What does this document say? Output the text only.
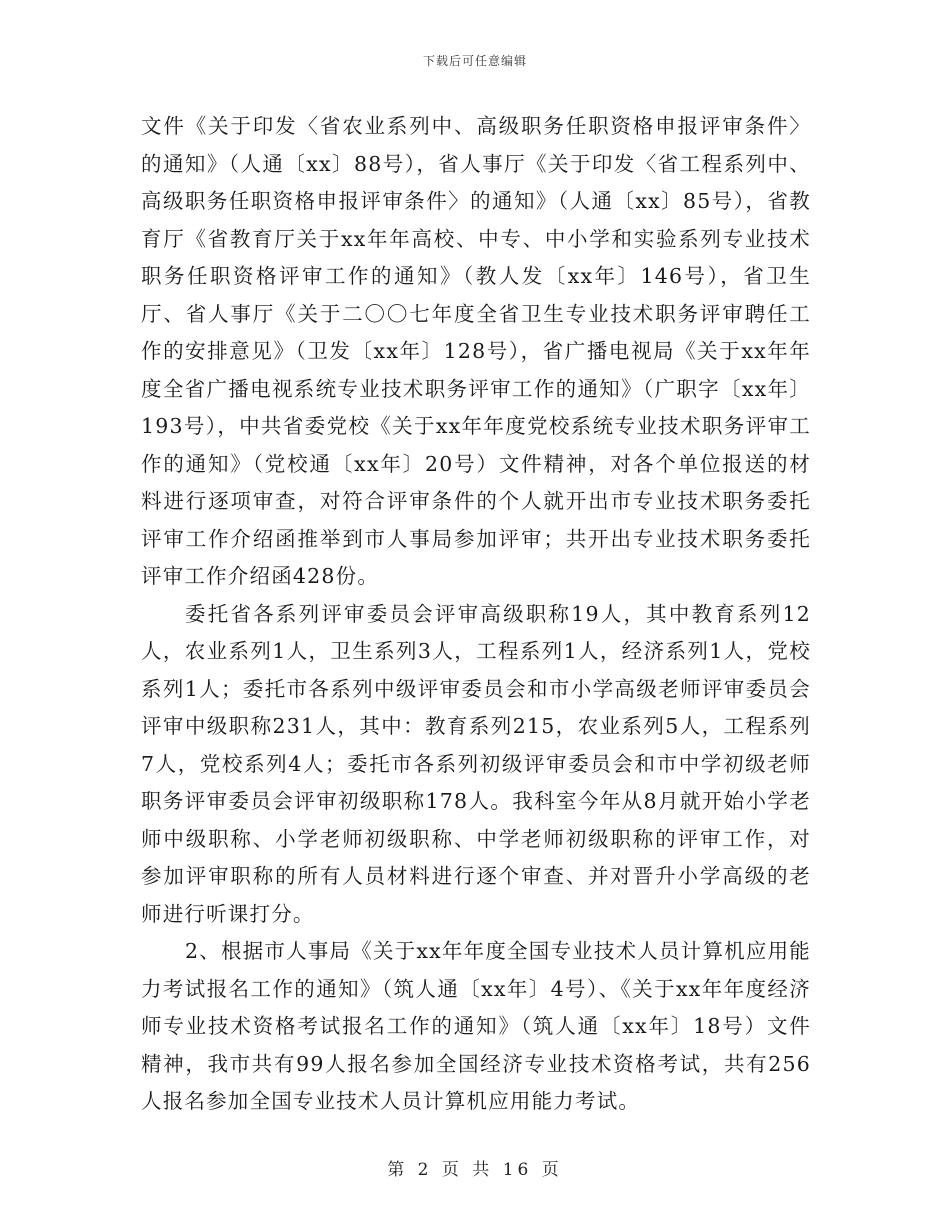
下载后可任意编辑

文件《关于印发〈省农业系列中、高级职务任职资格申报评审条件〉的通知》（人通〔xx〕88号），省人事厅《关于印发〈省工程系列中、高级职务任职资格申报评审条件〉的通知》（人通〔xx〕85号），省教育厅《省教育厅关于xx年年高校、中专、中小学和实验系列专业技术职务任职资格评审工作的通知》（教人发〔xx年〕146号），省卫生厅、省人事厅《关于二〇〇七年度全省卫生专业技术职务评审聘任工作的安排意见》（卫发〔xx年〕128号），省广播电视局《关于xx年年度全省广播电视系统专业技术职务评审工作的通知》（广职字〔xx年〕193号），中共省委党校《关于xx年年度党校系统专业技术职务评审工作的通知》（党校通〔xx年〕20号）文件精神，对各个单位报送的材料进行逐项审查，对符合评审条件的个人就开出市专业技术职务委托评审工作介绍函推举到市人事局参加评审；共开出专业技术职务委托评审工作介绍函428份。

委托省各系列评审委员会评审高级职称19人，其中教育系列12人，农业系列1人，卫生系列3人，工程系列1人，经济系列1人，党校系列1人；委托市各系列中级评审委员会和市小学高级老师评审委员会评审中级职称231人，其中：教育系列215，农业系列5人，工程系列7人，党校系列4人；委托市各系列初级评审委员会和市中学初级老师职务评审委员会评审初级职称178人。我科室今年从8月就开始小学老师中级职称、小学老师初级职称、中学老师初级职称的评审工作，对参加评审职称的所有人员材料进行逐个审查、并对晋升小学高级的老师进行听课打分。

2、根据市人事局《关于xx年年度全国专业技术人员计算机应用能力考试报名工作的通知》（筑人通〔xx年〕4号）、《关于xx年年度经济师专业技术资格考试报名工作的通知》（筑人通〔xx年〕18号）文件精神，我市共有99人报名参加全国经济专业技术资格考试，共有256人报名参加全国专业技术人员计算机应用能力考试。

第 2 页 共 16 页
